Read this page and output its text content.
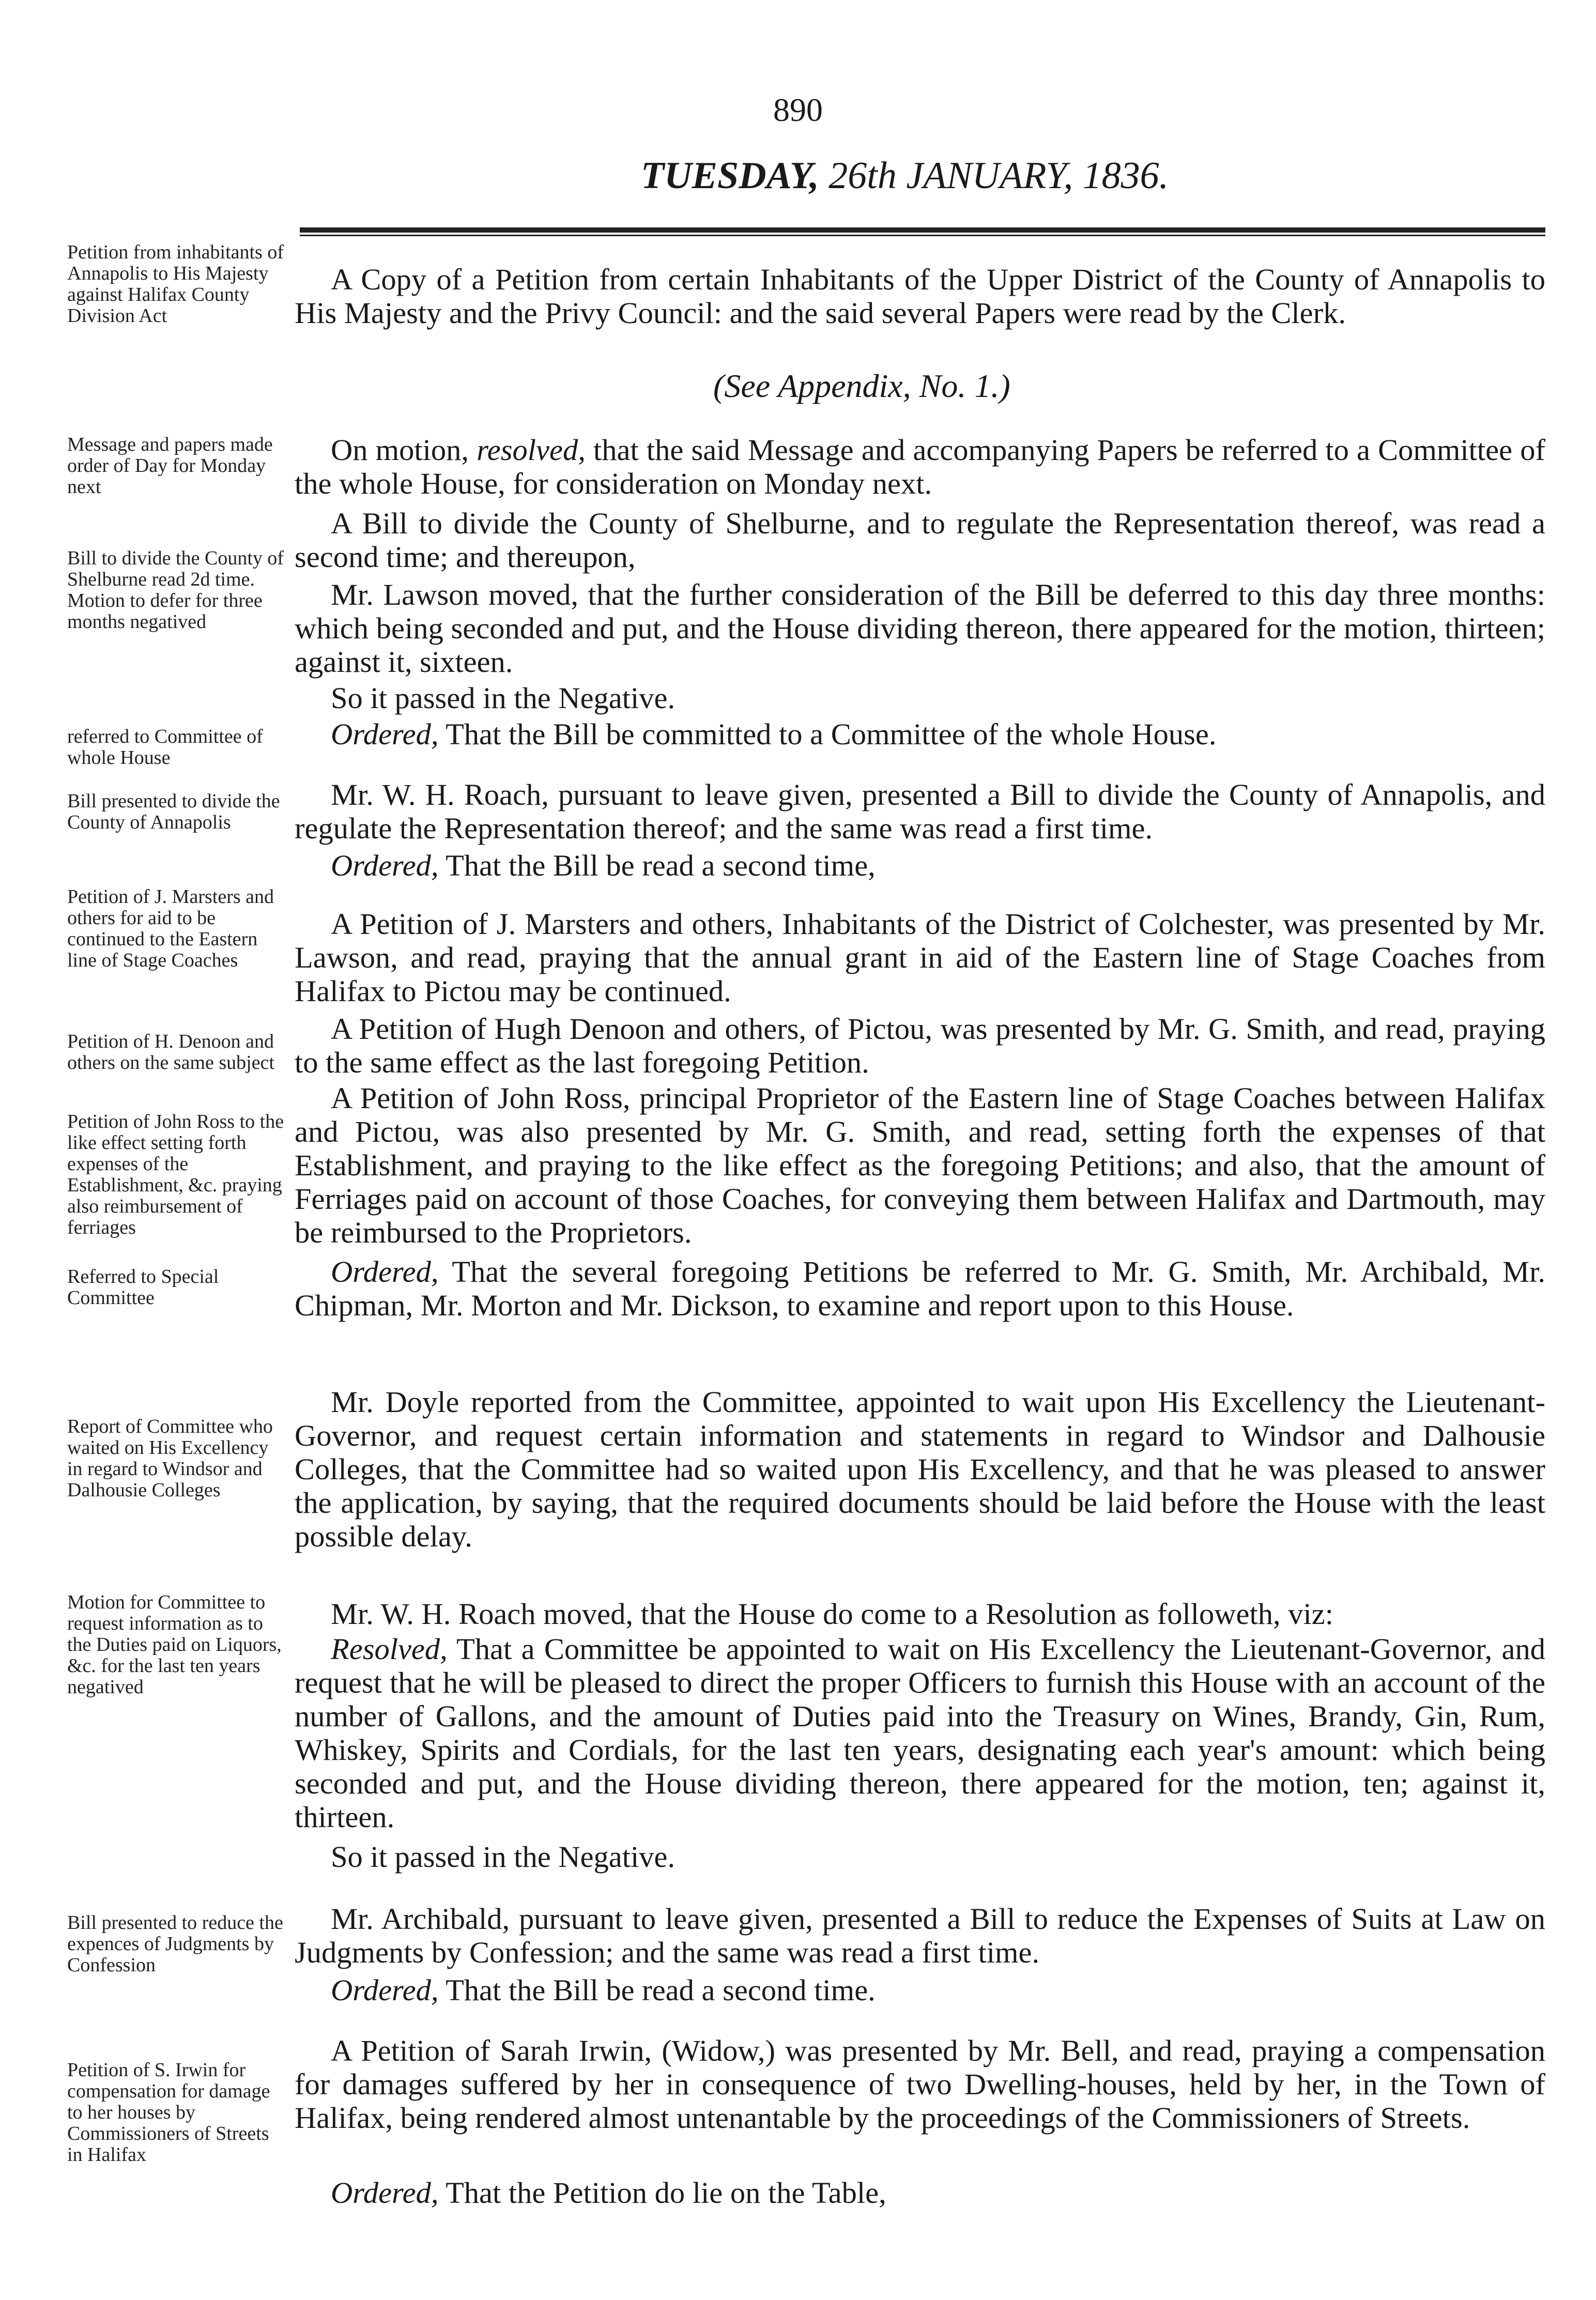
890
TUESDAY, 26th JANUARY, 1836.
Petition from inhabitants of Annapolis to His Majesty against Halifax County Division Act
Message and papers made order of Day for Monday next
Bill to divide the County of Shelburne read 2d time. Motion to defer for three months negatived
referred to Committee of whole House
Bill presented to divide the County of Annapolis
Petition of J. Marsters and others for aid to be continued to the Eastern line of Stage Coaches
Petition of H. Denoon and others on the same subject
Petition of John Ross to the like effect setting forth expenses of the Establishment, &c. praying also reimbursement of ferriages
Referred to Special Committee
Report of Committee who waited on His Excellency in regard to Windsor and Dalhousie Colleges
Motion for Committee to request information as to the Duties paid on Liquors, &c. for the last ten years negatived
Bill presented to reduce the expences of Judgments by Confession
Petition of S. Irwin for compensation for damage to her houses by Commissioners of Streets in Halifax
A Copy of a Petition from certain Inhabitants of the Upper District of the County of Annapolis to His Majesty and the Privy Council: and the said several Papers were read by the Clerk.
(See Appendix, No. 1.)
On motion, resolved, that the said Message and accompanying Papers be referred to a Committee of the whole House, for consideration on Monday next.
A Bill to divide the County of Shelburne, and to regulate the Representation thereof, was read a second time; and thereupon,
Mr. Lawson moved, that the further consideration of the Bill be deferred to this day three months: which being seconded and put, and the House dividing thereon, there appeared for the motion, thirteen; against it, sixteen.
So it passed in the Negative.
Ordered, That the Bill be committed to a Committee of the whole House.
Mr. W. H. Roach, pursuant to leave given, presented a Bill to divide the County of Annapolis, and regulate the Representation thereof; and the same was read a first time.
Ordered, That the Bill be read a second time,
A Petition of J. Marsters and others, Inhabitants of the District of Colchester, was presented by Mr. Lawson, and read, praying that the annual grant in aid of the Eastern line of Stage Coaches from Halifax to Pictou may be continued.
A Petition of Hugh Denoon and others, of Pictou, was presented by Mr. G. Smith, and read, praying to the same effect as the last foregoing Petition.
A Petition of John Ross, principal Proprietor of the Eastern line of Stage Coaches between Halifax and Pictou, was also presented by Mr. G. Smith, and read, setting forth the expenses of that Establishment, and praying to the like effect as the foregoing Petitions; and also, that the amount of Ferriages paid on account of those Coaches, for conveying them between Halifax and Dartmouth, may be reimbursed to the Proprietors.
Ordered, That the several foregoing Petitions be referred to Mr. G. Smith, Mr. Archibald, Mr. Chipman, Mr. Morton and Mr. Dickson, to examine and report upon to this House.
Mr. Doyle reported from the Committee, appointed to wait upon His Excellency the Lieutenant-Governor, and request certain information and statements in regard to Windsor and Dalhousie Colleges, that the Committee had so waited upon His Excellency, and that he was pleased to answer the application, by saying, that the required documents should be laid before the House with the least possible delay.
Mr. W. H. Roach moved, that the House do come to a Resolution as followeth, viz:
Resolved, That a Committee be appointed to wait on His Excellency the Lieutenant-Governor, and request that he will be pleased to direct the proper Officers to furnish this House with an account of the number of Gallons, and the amount of Duties paid into the Treasury on Wines, Brandy, Gin, Rum, Whiskey, Spirits and Cordials, for the last ten years, designating each year's amount: which being seconded and put, and the House dividing thereon, there appeared for the motion, ten; against it, thirteen.
So it passed in the Negative.
Mr. Archibald, pursuant to leave given, presented a Bill to reduce the Expenses of Suits at Law on Judgments by Confession; and the same was read a first time.
Ordered, That the Bill be read a second time.
A Petition of Sarah Irwin, (Widow,) was presented by Mr. Bell, and read, praying a compensation for damages suffered by her in consequence of two Dwelling-houses, held by her, in the Town of Halifax, being rendered almost untenantable by the proceedings of the Commissioners of Streets.
Ordered, That the Petition do lie on the Table,
